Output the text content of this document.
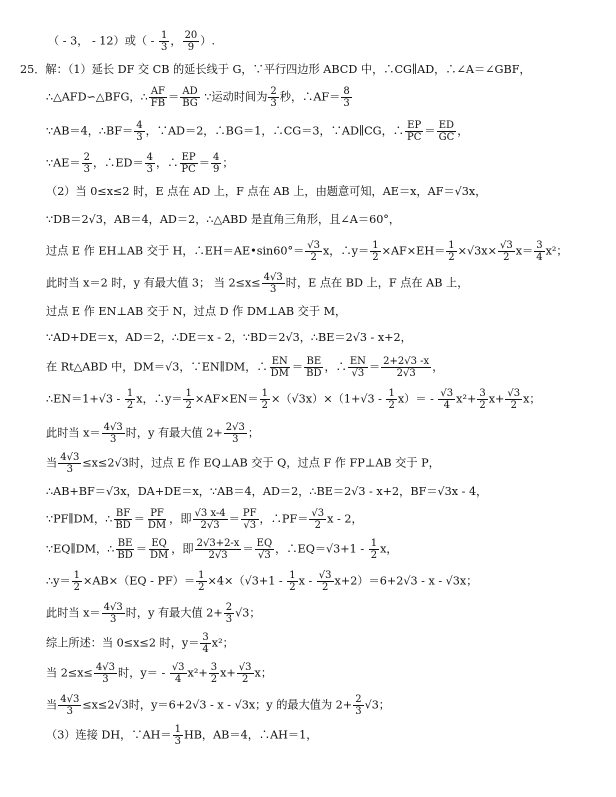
（ - 3， - 12）或（ - $\frac{1}{3}$ ， $\frac{20}{9}$ ）.
25．解：（1）延长 DF 交 CB 的延长线于 G，∵平行四边形 ABCD 中，∴CG∥AD，∴∠A＝∠GBF，
∴△AFD∽△BFG，∴ $\frac{AF}{FB} = \frac{AD}{BG}$ ∵运动时间为 $\frac{2}{3}$ 秒，∴AF＝ $\frac{8}{3}$
∵AB＝4，∴BF＝ $\frac{4}{3}$ ，∵AD＝2，∴BG＝1，∴CG＝3，∵AD∥CG，∴ $\frac{EP}{PC} = \frac{ED}{GC}$ ，
∵AE＝ $\frac{2}{3}$ ，∴ED＝ $\frac{4}{3}$ ，∴ $\frac{EP}{PC} = \frac{4}{9}$ ；
（2）当 0≤x≤2 时，E 点在 AD 上，F 点在 AB 上，由题意可知，AE＝x，AF＝√3x，
∵DB＝2√3，AB＝4，AD＝2，∴△ABD 是直角三角形，且∠A＝60°，
过点 E 作 EH⊥AB 交于 H，∴EH＝AE•sin60°＝ $\frac{√3}{2}$ x，∴y＝ $\frac{1}{2} \times AF\times EH= \frac{1}{2} \times√3x\times \frac{√3}{2} x= \frac{3}{4} x^2$；
此时当 x＝2 时，y 有最大值 3； 当 $2\le x\le \frac{4√3}{3}$ 时，E 点在 BD 上，F 点在 AB 上，
过点 E 作 EN⊥AB 交于 N，过点 D 作 DM⊥AB 交于 M，
∵AD+DE＝x，AD＝2，∴DE＝x - 2，∵BD＝2√3，∴BE＝2√3 - x+2，
在 Rt△ABD 中，DM＝√3，∵EN∥DM，∴ $\frac{EN}{DM} = \frac{BE}{BD}$ ，∴ $\frac{EN}{√3} = \frac{2+2√3 -x}{2√3}$ ，
∴EN＝1+√3 - $\frac{1}{2}$ x，∴y＝ $\frac{1}{2} \times AF\times EN= \frac{1}{2} \times(√3x)\times(1+√3 - \frac{1}{2} x)= - \frac{√3}{4} x^2+ \frac{3}{2} x+ \frac{√3}{2}$ x；
此时当 $x= \frac{4√3}{3}$ 时，y 有最大值 $2+ \frac{2√3}{3}$ ；
当 $\frac{4√3}{3} \le x\le 2√3$时，过点 E 作 EQ⊥AB 交于 Q，过点 F 作 FP⊥AB 交于 P，
∴AB+BF＝√3x，DA+DE＝x，∵AB＝4，AD＝2，∴BE＝2√3 - x+2，BF＝√3x - 4，
∵PF∥DM，∴ $\frac{BF}{BD} = \frac{PF}{DM}$ ，即 $\frac{√3 x-4}{2√3} = \frac{PF}{√3}$ ，∴PF＝ $\frac{√3}{2}$ x - 2，
∵EQ∥DM，∴ $\frac{BE}{BD} = \frac{EQ}{DM}$ ，即 $\frac{2√3+2-x}{2√3} = \frac{EQ}{√3}$ ，∴EQ＝√3+1 - $\frac{1}{2}$ x，
∴y＝ $\frac{1}{2} \times AB\times(EQ - PF)= \frac{1}{2} \times 4\times(√3+1 - \frac{1}{2}$ $x - \frac{√3}{2} x+2)=6+2√3 - x - √3x$；
此时当 $x= \frac{4√3}{3}$ 时，y 有最大值 $2+ \frac{2}{3} √3$；
综上所述：当 0≤x≤2 时，$y= \frac{3}{4} x^2$；
当 $2\le x\le \frac{4√3}{3}$ 时，$y= - \frac{√3}{4} x^2+ \frac{3}{2} x+ \frac{√3}{2}$ x；
当 $\frac{4√3}{3} \le x\le 2√3$时，y＝6+2√3 - x - √3x；y 的最大值为 $2+ \frac{2}{3} √3$；
（3）连接 DH，∵AH＝ $\frac{1}{3}$ HB，AB＝4，∴AH＝1，
